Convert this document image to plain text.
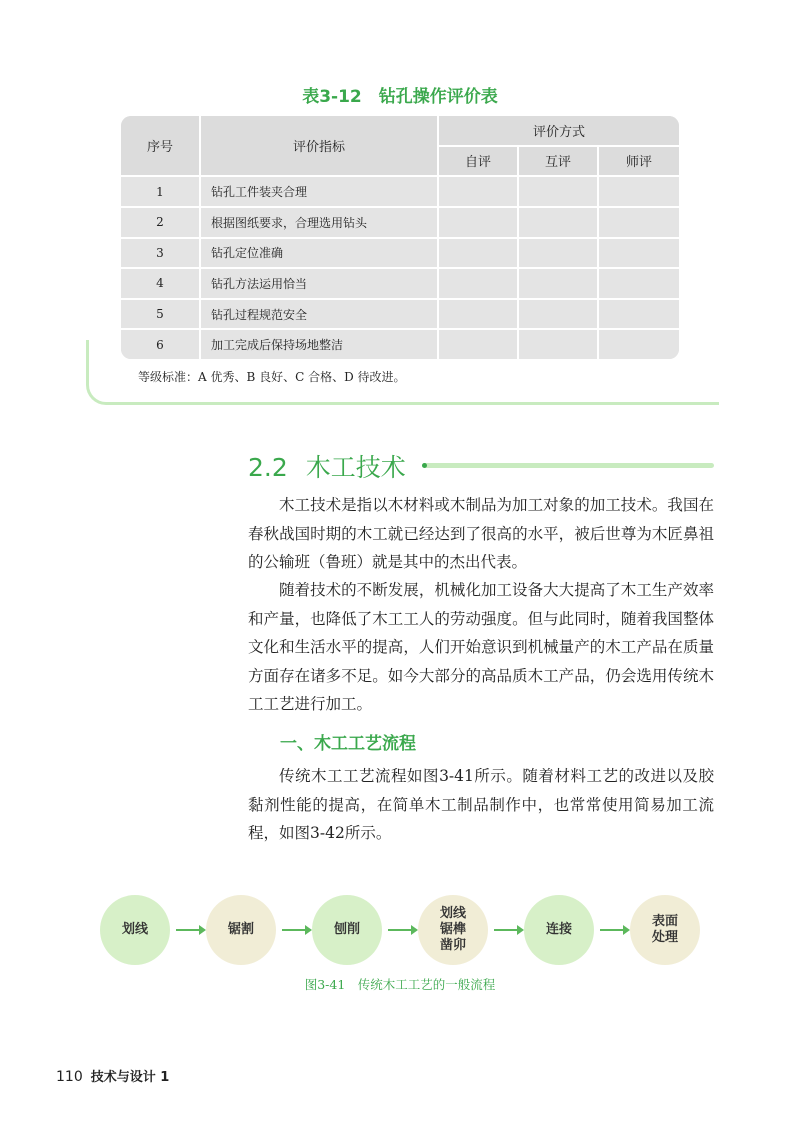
表3-12　钻孔操作评价表
序号	评价指标	评价方式		
		自评	互评	师评
1	钻孔工件装夹合理			
2	根据图纸要求，合理选用钻头			
3	钻孔定位准确			
4	钻孔方法运用恰当			
5	钻孔过程规范安全			
6	加工完成后保持场地整洁			
等级标准：A 优秀、B 良好、C 合格、D 待改进。
2.2 木工技术

木工技术是指以木材料或木制品为加工对象的加工技术。我国在春秋战国时期的木工就已经达到了很高的水平，被后世尊为木匠鼻祖的公输班（鲁班）就是其中的杰出代表。

随着技术的不断发展，机械化加工设备大大提高了木工生产效率和产量，也降低了木工工人的劳动强度。但与此同时，随着我国整体文化和生活水平的提高，人们开始意识到机械量产的木工产品在质量方面存在诸多不足。如今大部分的高品质木工产品，仍会选用传统木工工艺进行加工。

一、木工工艺流程

传统木工工艺流程如图3-41所示。随着材料工艺的改进以及胶黏剂性能的提高，在简单木工制品制作中，也常常使用简易加工流程，如图3-42所示。

划线	锯割	刨削
划线锯榫凿卯
连接
表面处理
图3-41　传统木工工艺的一般流程
110 技术与设计 1
